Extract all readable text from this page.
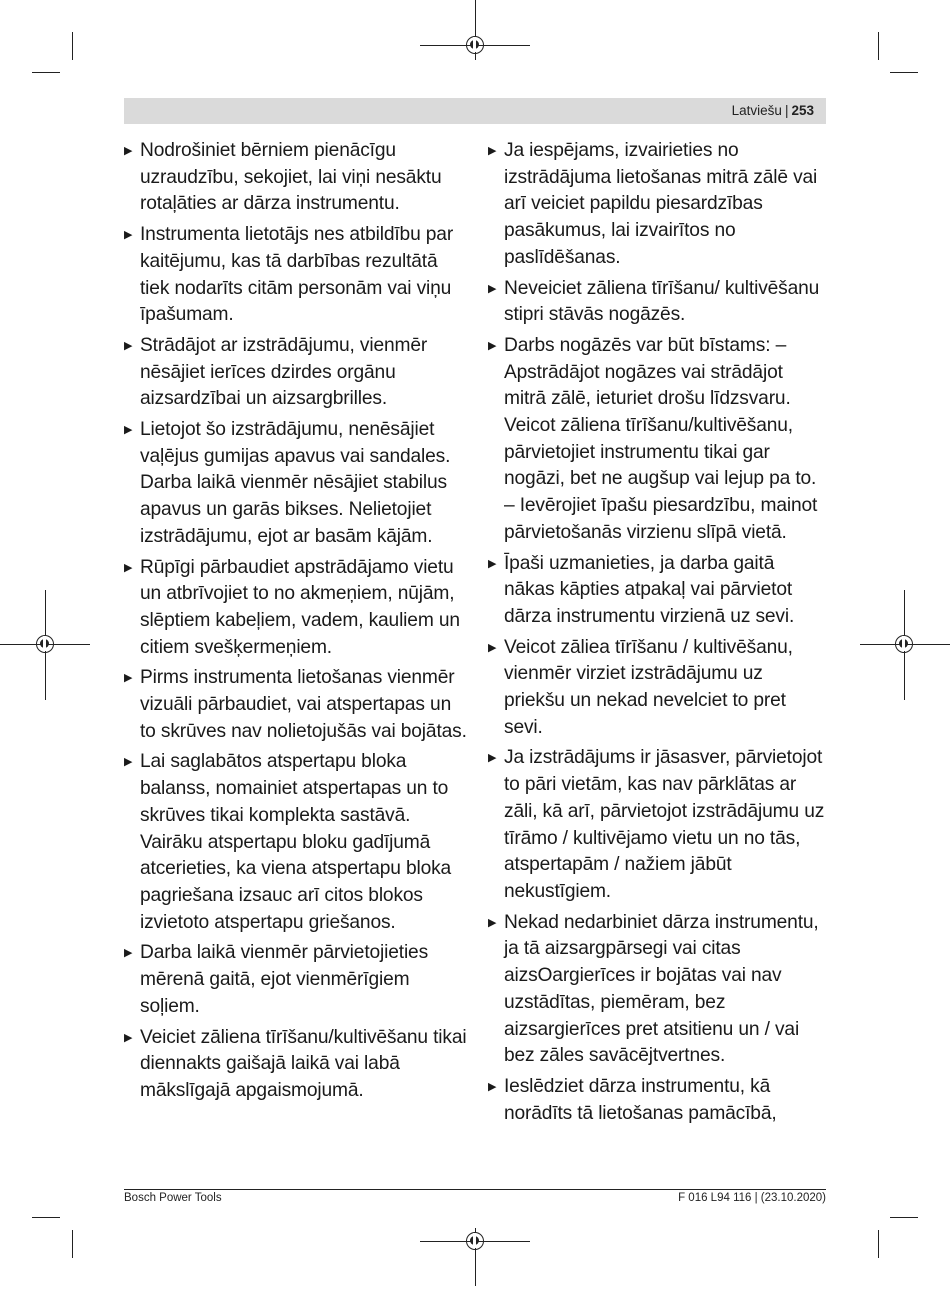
Latviešu | 253
▶ Nodrošiniet bērniem pienācīgu uzraudzību, sekojiet, lai viņi nesāktu rotaļāties ar dārza instrumentu.
▶ Instrumenta lietotājs nes atbildību par kaitējumu, kas tā darbības rezultātā tiek nodarīts citām personām vai viņu īpašumam.
▶ Strādājot ar izstrādājumu, vienmēr nēsājiet ierīces dzirdes orgānu aizsardzībai un aizsargbrilles.
▶ Lietojot šo izstrādājumu, nenēsājiet vaļējus gumijas apavus vai sandales. Darba laikā vienmēr nēsājiet stabilus apavus un garās bikses. Nelietojiet izstrādājumu, ejot ar basām kājām.
▶ Rūpīgi pārbaudiet apstrādājamo vietu un atbrīvojiet to no akmeņiem, nūjām, slēptiem kabeļiem, vadem, kauliem un citiem svešķermeņiem.
▶ Pirms instrumenta lietošanas vienmēr vizuāli pārbaudiet, vai atspertapas un to skrūves nav nolietojušās vai bojātas.
▶ Lai saglabātos atspertapu bloka balanss, nomainiet atspertapas un to skrūves tikai komplekta sastāvā. Vairāku atspertapu bloku gadījumā atcerieties, ka viena atspertapu bloka pagriešana izsauc arī citos blokos izvietoto atspertapu griešanos.
▶ Darba laikā vienmēr pārvietojieties mērenā gaitā, ejot vienmērīgiem soļiem.
▶ Veiciet zāliena tīrīšanu/kultivēšanu tikai diennakts gaišajā laikā vai labā mākslīgajā apgaismojumā.
▶ Ja iespējams, izvairieties no izstrādājuma lietošanas mitrā zālē vai arī veiciet papildu piesardzības pasākumus, lai izvairītos no paslīdēšanas.
▶ Neveiciet zāliena tīrīšanu/ kultivēšanu stipri stāvās nogāzēs.
▶ Darbs nogāzēs var būt bīstams: – Apstrādājot nogāzes vai strādājot mitrā zālē, ieturiet drošu līdzsvaru. Veicot zāliena tīrīšanu/kultivēšanu, pārvietojiet instrumentu tikai gar nogāzi, bet ne augšup vai lejup pa to. – Ievērojiet īpašu piesardzību, mainot pārvietošanās virzienu slīpā vietā.
▶ Īpaši uzmanieties, ja darba gaitā nākas kāpties atpakaļ vai pārvietot dārza instrumentu virzienā uz sevi.
▶ Veicot zāliea tīrīšanu / kultivēšanu, vienmēr virziet izstrādājumu uz priekšu un nekad nevelciet to pret sevi.
▶ Ja izstrādājums ir jāsasver, pārvietojot to pāri vietām, kas nav pārklātas ar zāli, kā arī, pārvietojot izstrādājumu uz tīrāmo / kultivējamo vietu un no tās, atspertapām / nažiem jābūt nekustīgiem.
▶ Nekad nedarbiniet dārza instrumentu, ja tā aizsargpārsegi vai citas aizsOargierīces ir bojātas vai nav uzstādītas, piemēram, bez aizsargierīces pret atsitienu un / vai bez zāles savācējtvertnes.
▶ Ieslēdziet dārza instrumentu, kā norādīts tā lietošanas pamācībā,
Bosch Power Tools	F 016 L94 116 | (23.10.2020)
